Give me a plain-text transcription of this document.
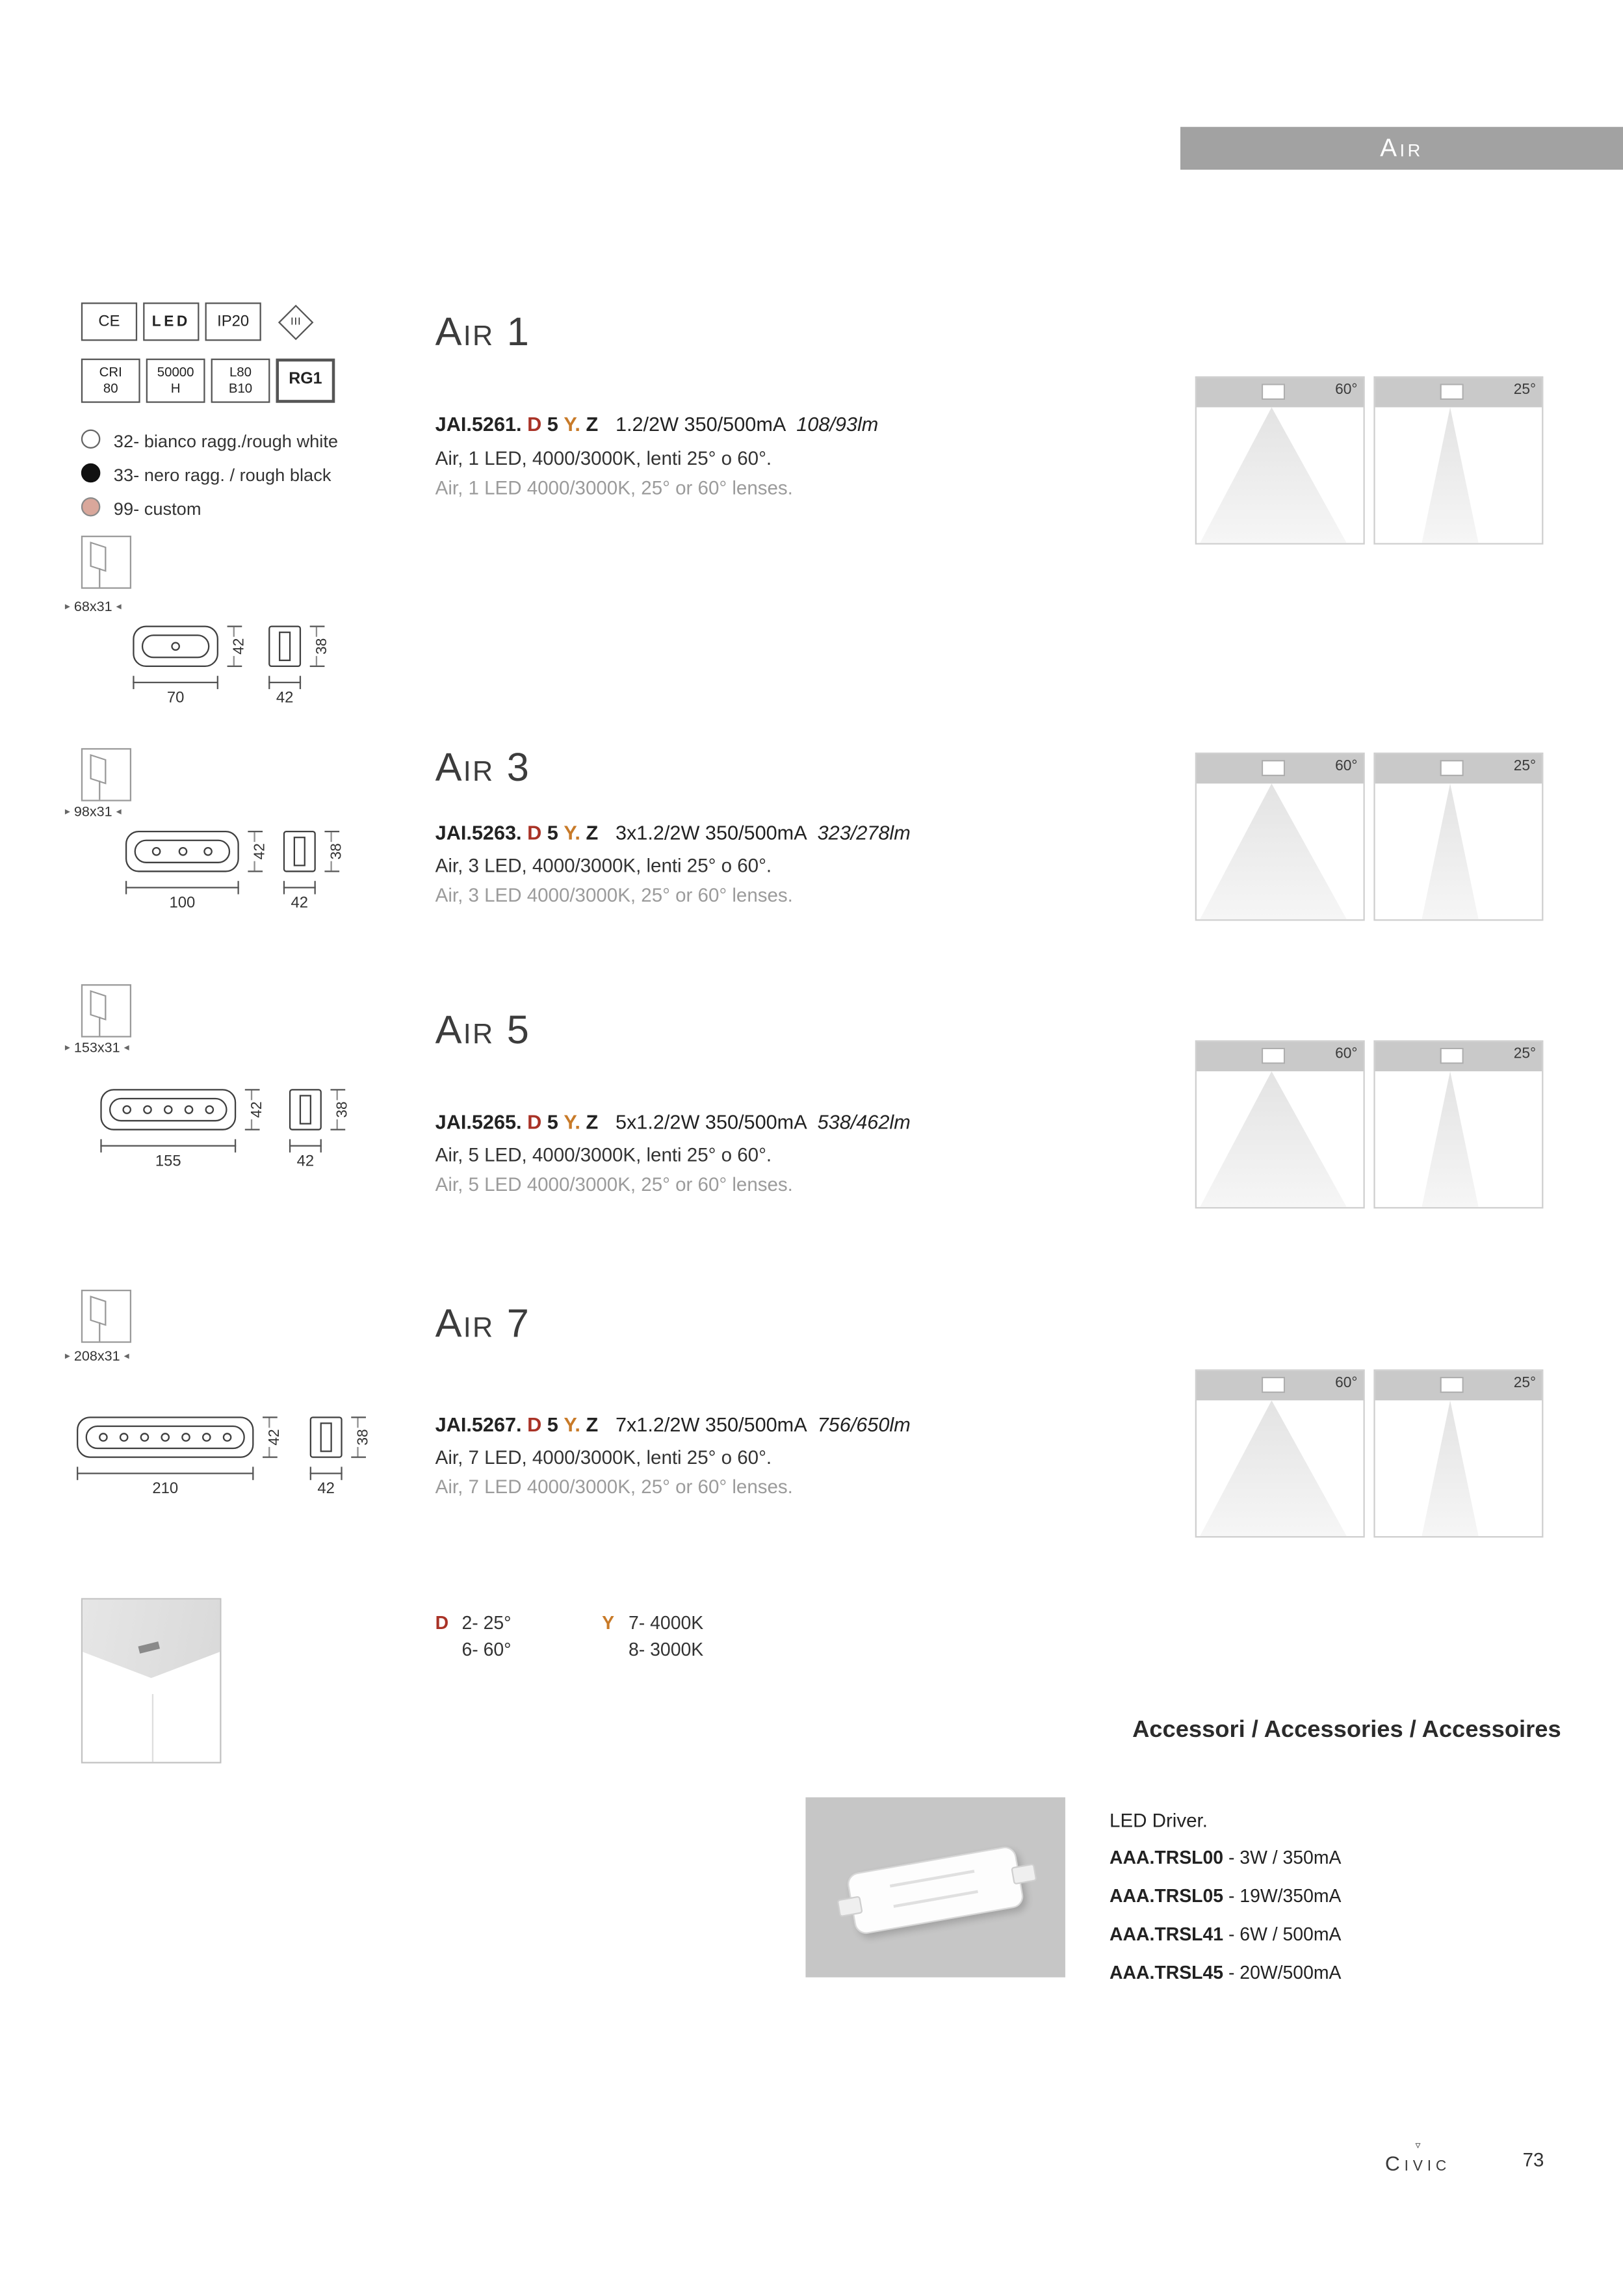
Air
CE	LED	IP20	III
CRI
80
50000
H
L80
B10	RG1
32- bianco ragg./rough white
33- nero ragg. / rough black
99- custom
Air 1

JAI.5261. D 5 Y. Z 1.2/2W 350/500mA 108/93lm

Air, 1 LED, 4000/3000K, lenti 25° o 60°.

Air, 1 LED 4000/3000K, 25° or 60° lenses.

60°	25°
▸ 68x31 ◂
42
70
38
42
Air 3

JAI.5263. D 5 Y. Z 3x1.2/2W 350/500mA 323/278lm

Air, 3 LED, 4000/3000K, lenti 25° o 60°.

Air, 3 LED 4000/3000K, 25° or 60° lenses.

60°	25°
▸ 98x31 ◂
42
100
38
42
Air 5

JAI.5265. D 5 Y. Z 5x1.2/2W 350/500mA 538/462lm

Air, 5 LED, 4000/3000K, lenti 25° o 60°.

Air, 5 LED 4000/3000K, 25° or 60° lenses.

60°	25°
▸ 153x31 ◂
42
155
38
42
Air 7

JAI.5267. D 5 Y. Z 7x1.2/2W 350/500mA 756/650lm

Air, 7 LED, 4000/3000K, lenti 25° o 60°.

Air, 7 LED 4000/3000K, 25° or 60° lenses.

60°	25°
▸ 208x31 ◂
42
210
38
42
D 2- 25°
6- 60°
Y 7- 4000K
8- 3000K
Accessori / Accessories / Accessoires

LED Driver.

AAA.TRSL00 - 3W / 350mA

AAA.TRSL05 - 19W/350mA

AAA.TRSL41 - 6W / 500mA

AAA.TRSL45 - 20W/500mA

▿
Civic	73
